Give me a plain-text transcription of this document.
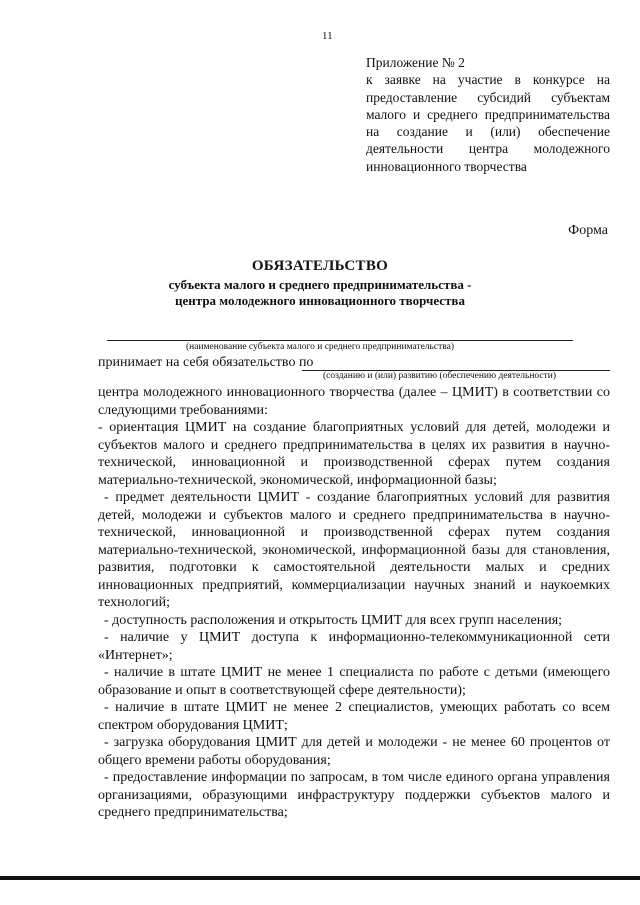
11
Приложение № 2
к заявке на участие в конкурсе на предоставление субсидий субъектам малого и среднего предпринимательства на создание и (или) обеспечение деятельности центра молодежного инновационного творчества
Форма
ОБЯЗАТЕЛЬСТВО
субъекта малого и среднего предпринимательства -
центра молодежного инновационного творчества
(наименование субъекта малого и среднего предпринимательства)
принимает на себя обязательство по
(созданию и (или) развитию (обеспечению деятельности)

центра молодежного инновационного творчества (далее – ЦМИТ) в соответствии со следующими требованиями:

- ориентация ЦМИТ на создание благоприятных условий для детей, молодежи и субъектов малого и среднего предпринимательства в целях их развития в научно-технической, инновационной и производственной сферах путем создания материально-технической, экономической, информационной базы;

- предмет деятельности ЦМИТ - создание благоприятных условий для развития детей, молодежи и субъектов малого и среднего предпринимательства в научно-технической, инновационной и производственной сферах путем создания материально-технической, экономической, информационной базы для становления, развития, подготовки к самостоятельной деятельности малых и средних инновационных предприятий, коммерциализации научных знаний и наукоемких технологий;

- доступность расположения и открытость ЦМИТ для всех групп населения;

- наличие у ЦМИТ доступа к информационно-телекоммуникационной сети «Интернет»;

- наличие в штате ЦМИТ не менее 1 специалиста по работе с детьми (имеющего образование и опыт в соответствующей сфере деятельности);

- наличие в штате ЦМИТ не менее 2 специалистов, умеющих работать со всем спектром оборудования ЦМИТ;

- загрузка оборудования ЦМИТ для детей и молодежи - не менее 60 процентов от общего времени работы оборудования;

- предоставление информации по запросам, в том числе единого органа управления организациями, образующими инфраструктуру поддержки субъектов малого и среднего предпринимательства;
